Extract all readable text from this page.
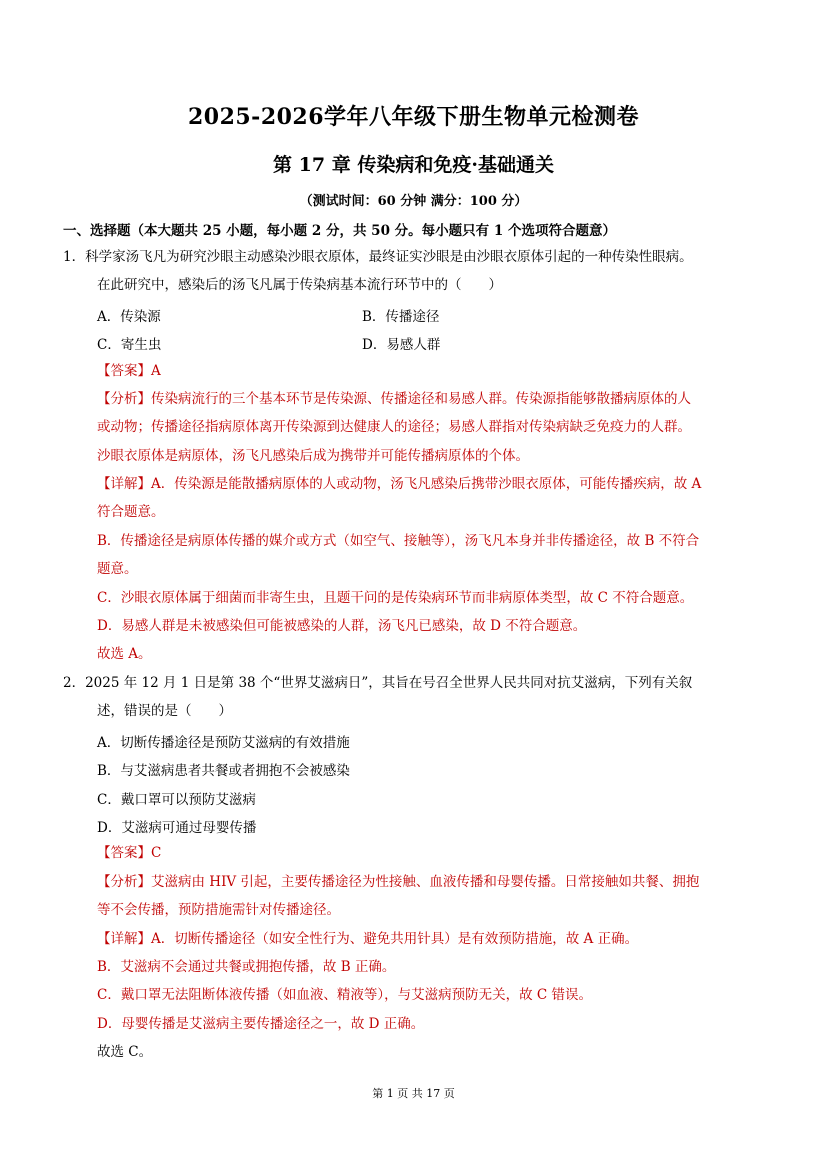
2025-2026学年八年级下册生物单元检测卷
第 17 章 传染病和免疫·基础通关
（测试时间：60 分钟 满分：100 分）
一、选择题（本大题共 25 小题，每小题 2 分，共 50 分。每小题只有 1 个选项符合题意）
1．科学家汤飞凡为研究沙眼主动感染沙眼衣原体，最终证实沙眼是由沙眼衣原体引起的一种传染性眼病。
在此研究中，感染后的汤飞凡属于传染病基本流行环节中的（　　）
A．传染源	B．传播途径
C．寄生虫	D．易感人群
【答案】A
【分析】传染病流行的三个基本环节是传染源、传播途径和易感人群。传染源指能够散播病原体的人
或动物；传播途径指病原体离开传染源到达健康人的途径；易感人群指对传染病缺乏免疫力的人群。
沙眼衣原体是病原体，汤飞凡感染后成为携带并可能传播病原体的个体。
【详解】A．传染源是能散播病原体的人或动物，汤飞凡感染后携带沙眼衣原体，可能传播疾病，故 A
符合题意。
B．传播途径是病原体传播的媒介或方式（如空气、接触等），汤飞凡本身并非传播途径，故 B 不符合
题意。
C．沙眼衣原体属于细菌而非寄生虫，且题干问的是传染病环节而非病原体类型，故 C 不符合题意。
D．易感人群是未被感染但可能被感染的人群，汤飞凡已感染，故 D 不符合题意。
故选 A。
2．2025 年 12 月 1 日是第 38 个“世界艾滋病日”，其旨在号召全世界人民共同对抗艾滋病，下列有关叙
述，错误的是（　　）
A．切断传播途径是预防艾滋病的有效措施
B．与艾滋病患者共餐或者拥抱不会被感染
C．戴口罩可以预防艾滋病
D．艾滋病可通过母婴传播
【答案】C
【分析】艾滋病由 HIV 引起，主要传播途径为性接触、血液传播和母婴传播。日常接触如共餐、拥抱
等不会传播，预防措施需针对传播途径。
【详解】A．切断传播途径（如安全性行为、避免共用针具）是有效预防措施，故 A 正确。
B．艾滋病不会通过共餐或拥抱传播，故 B 正确。
C．戴口罩无法阻断体液传播（如血液、精液等），与艾滋病预防无关，故 C 错误。
D．母婴传播是艾滋病主要传播途径之一，故 D 正确。
故选 C。
第 1 页 共 17 页
